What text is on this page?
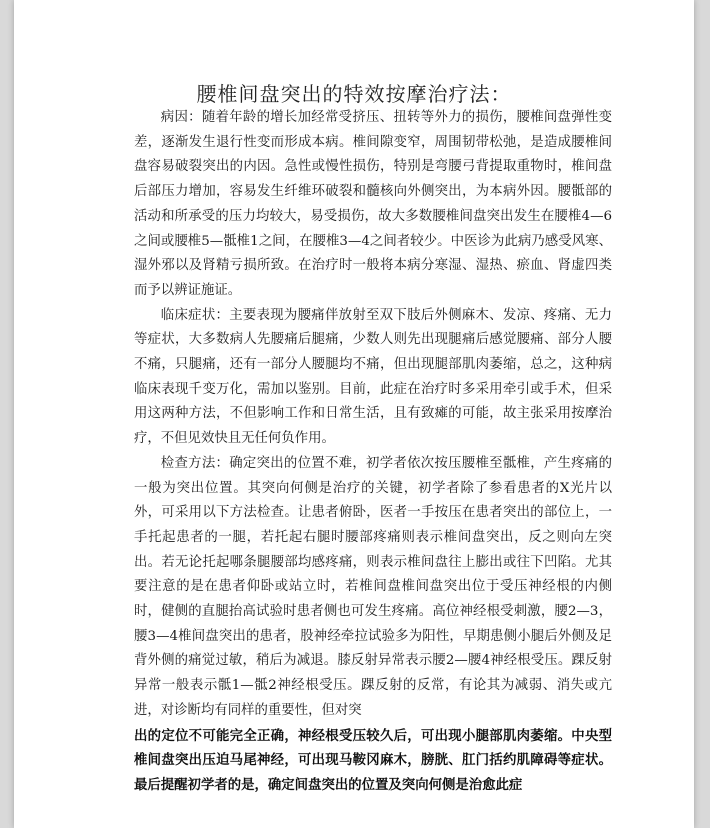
腰椎间盘突出的特效按摩治疗法：

病因：随着年龄的增长加经常受挤压、扭转等外力的损伤，腰椎间盘弹性变差，逐渐发生退行性变而形成本病。椎间隙变窄，周围韧带松弛，是造成腰椎间盘容易破裂突出的内因。急性或慢性损伤，特别是弯腰弓背提取重物时，椎间盘后部压力增加，容易发生纤维环破裂和髓核向外侧突出，为本病外因。腰骶部的活动和所承受的压力均较大，易受损伤，故大多数腰椎间盘突出发生在腰椎4—6之间或腰椎5—骶椎1之间，在腰椎3—4之间者较少。中医诊为此病乃感受风寒、湿外邪以及肾精亏损所致。在治疗时一般将本病分寒湿、湿热、瘀血、肾虚四类而予以辨证施证。

临床症状：主要表现为腰痛伴放射至双下肢后外侧麻木、发凉、疼痛、无力等症状，大多数病人先腰痛后腿痛，少数人则先出现腿痛后感觉腰痛、部分人腰不痛，只腿痛，还有一部分人腰腿均不痛，但出现腿部肌肉萎缩，总之，这种病临床表现千变万化，需加以鉴别。目前，此症在治疗时多采用牵引或手术，但采用这两种方法，不但影响工作和日常生活，且有致瘫的可能，故主张采用按摩治疗，不但见效快且无任何负作用。

检查方法：确定突出的位置不难，初学者依次按压腰椎至骶椎，产生疼痛的一般为突出位置。其突向何侧是治疗的关键，初学者除了参看患者的X光片以外，可采用以下方法检查。让患者俯卧，医者一手按压在患者突出的部位上，一手托起患者的一腿，若托起右腿时腰部疼痛则表示椎间盘突出，反之则向左突出。若无论托起哪条腿腰部均感疼痛，则表示椎间盘往上膨出或往下凹陷。尤其要注意的是在患者仰卧或站立时，若椎间盘椎间盘突出位于受压神经根的内侧时，健侧的直腿抬高试验时患者侧也可发生疼痛。高位神经根受刺激，腰2—3，腰3—4椎间盘突出的患者，股神经牵拉试验多为阳性，早期患侧小腿后外侧及足背外侧的痛觉过敏，稍后为减退。膝反射异常表示腰2—腰4神经根受压。踝反射异常一般表示骶1—骶2神经根受压。踝反射的反常，有论其为减弱、消失或亢进，对诊断均有同样的重要性，但对突

出的定位不可能完全正确，神经根受压较久后，可出现小腿部肌肉萎缩。中央型椎间盘突出压迫马尾神经，可出现马鞍冈麻木，膀胱、肛门括约肌障碍等症状。最后提醒初学者的是，确定间盘突出的位置及突向何侧是治愈此症
